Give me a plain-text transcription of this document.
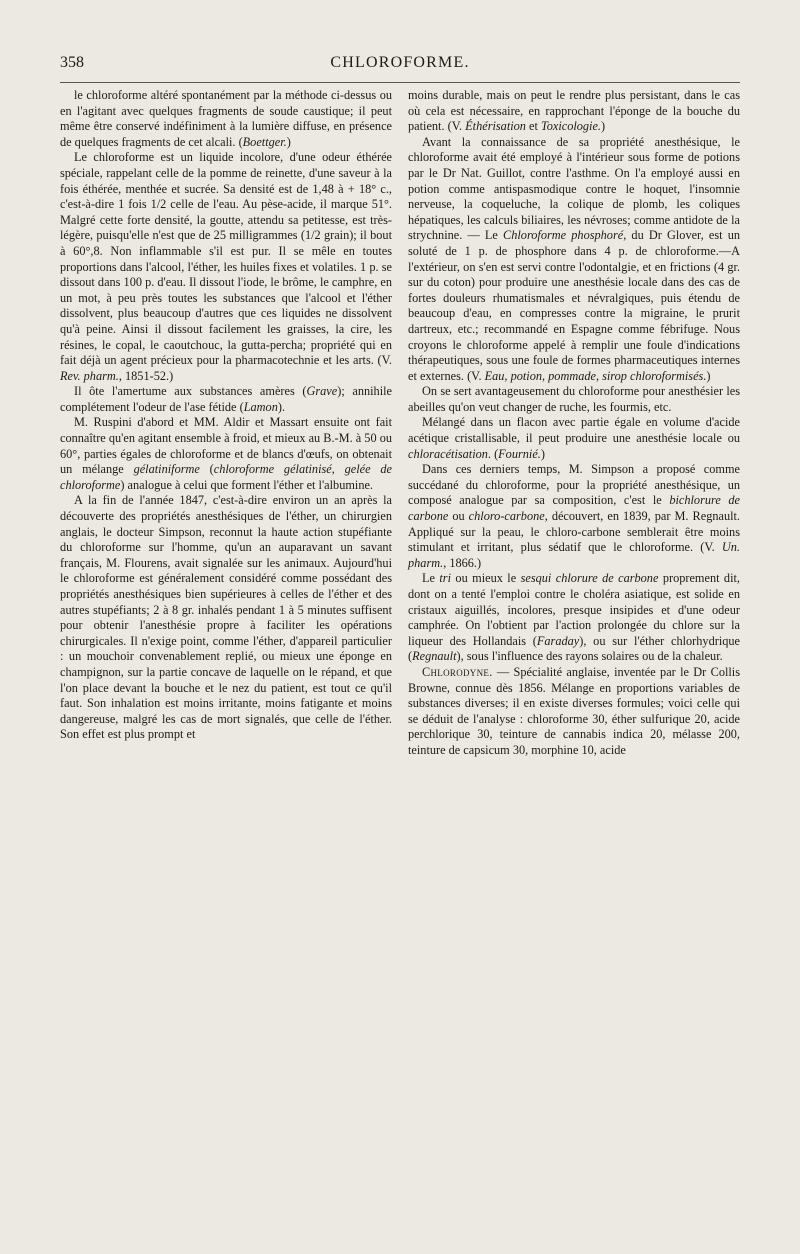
358	CHLOROFORME.

le chloroforme altéré spontanément par la méthode ci-dessus ou en l'agitant avec quelques fragments de soude caustique; il peut même être conservé indéfiniment à la lumière diffuse, en présence de quelques fragments de cet alcali. (Boettger.)

Le chloroforme est un liquide incolore, d'une odeur éthérée spéciale, rappelant celle de la pomme de reinette, d'une saveur à la fois éthérée, menthée et sucrée. Sa densité est de 1,48 à + 18° c., c'est-à-dire 1 fois 1/2 celle de l'eau. Au pèse-acide, il marque 51°. Malgré cette forte densité, la goutte, attendu sa petitesse, est très-légère, puisqu'elle n'est que de 25 milligrammes (1/2 grain); il bout à 60°,8. Non inflammable s'il est pur. Il se mêle en toutes proportions dans l'alcool, l'éther, les huiles fixes et volatiles. 1 p. se dissout dans 100 p. d'eau. Il dissout l'iode, le brôme, le camphre, en un mot, à peu près toutes les substances que l'alcool et l'éther dissolvent, plus beaucoup d'autres que ces liquides ne dissolvent qu'à peine. Ainsi il dissout facilement les graisses, la cire, les résines, le copal, le caoutchouc, la gutta-percha; propriété qui en fait déjà un agent précieux pour la pharmacotechnie et les arts. (V. Rev. pharm., 1851-52.)

Il ôte l'amertume aux substances amères (Grave); annihile complétement l'odeur de l'ase fétide (Lamon).

M. Ruspini d'abord et MM. Aldir et Massart ensuite ont fait connaître qu'en agitant ensemble à froid, et mieux au B.-M. à 50 ou 60°, parties égales de chloroforme et de blancs d'œufs, on obtenait un mélange gélatiniforme (chloroforme gélatinisé, gelée de chloroforme) analogue à celui que forment l'éther et l'albumine.

A la fin de l'année 1847, c'est-à-dire environ un an après la découverte des propriétés anesthésiques de l'éther, un chirurgien anglais, le docteur Simpson, reconnut la haute action stupéfiante du chloroforme sur l'homme, qu'un an auparavant un savant français, M. Flourens, avait signalée sur les animaux. Aujourd'hui le chloroforme est généralement considéré comme possédant des propriétés anesthésiques bien supérieures à celles de l'éther et des autres stupéfiants; 2 à 8 gr. inhalés pendant 1 à 5 minutes suffisent pour obtenir l'anesthésie propre à faciliter les opérations chirurgicales. Il n'exige point, comme l'éther, d'appareil particulier : un mouchoir convenablement replié, ou mieux une éponge en champignon, sur la partie concave de laquelle on le répand, et que l'on place devant la bouche et le nez du patient, est tout ce qu'il faut. Son inhalation est moins irritante, moins fatigante et moins dangereuse, malgré les cas de mort signalés, que celle de l'éther. Son effet est plus prompt et

moins durable, mais on peut le rendre plus persistant, dans le cas où cela est nécessaire, en rapprochant l'éponge de la bouche du patient. (V. Éthérisation et Toxicologie.)

Avant la connaissance de sa propriété anesthésique, le chloroforme avait été employé à l'intérieur sous forme de potions par le Dr Nat. Guillot, contre l'asthme. On l'a employé aussi en potion comme antispasmodique contre le hoquet, l'insomnie nerveuse, la coqueluche, la colique de plomb, les coliques hépatiques, les calculs biliaires, les névroses; comme antidote de la strychnine. — Le Chloroforme phosphoré, du Dr Glover, est un soluté de 1 p. de phosphore dans 4 p. de chloroforme.—A l'extérieur, on s'en est servi contre l'odontalgie, et en frictions (4 gr. sur du coton) pour produire une anesthésie locale dans des cas de fortes douleurs rhumatismales et névralgiques, puis étendu de beaucoup d'eau, en compresses contre la migraine, le prurit dartreux, etc.; recommandé en Espagne comme fébrifuge. Nous croyons le chloroforme appelé à remplir une foule d'indications thérapeutiques, sous une foule de formes pharmaceutiques internes et externes. (V. Eau, potion, pommade, sirop chloroformisés.)

On se sert avantageusement du chloroforme pour anesthésier les abeilles qu'on veut changer de ruche, les fourmis, etc.

Mélangé dans un flacon avec partie égale en volume d'acide acétique cristallisable, il peut produire une anesthésie locale ou chloracétisation. (Fournié.)

Dans ces derniers temps, M. Simpson a proposé comme succédané du chloroforme, pour la propriété anesthésique, un composé analogue par sa composition, c'est le bichlorure de carbone ou chloro-carbone, découvert, en 1839, par M. Regnault. Appliqué sur la peau, le chloro-carbone semblerait être moins stimulant et irritant, plus sédatif que le chloroforme. (V. Un. pharm., 1866.)

Le tri ou mieux le sesqui chlorure de carbone proprement dit, dont on a tenté l'emploi contre le choléra asiatique, est solide en cristaux aiguillés, incolores, presque insipides et d'une odeur camphrée. On l'obtient par l'action prolongée du chlore sur la liqueur des Hollandais (Faraday), ou sur l'éther chlorhydrique (Regnault), sous l'influence des rayons solaires ou de la chaleur.

Chlorodyne. — Spécialité anglaise, inventée par le Dr Collis Browne, connue dès 1856. Mélange en proportions variables de substances diverses; il en existe diverses formules; voici celle qui se déduit de l'analyse : chloroforme 30, éther sulfurique 20, acide perchlorique 30, teinture de cannabis indica 20, mélasse 200, teinture de capsicum 30, morphine 10, acide
